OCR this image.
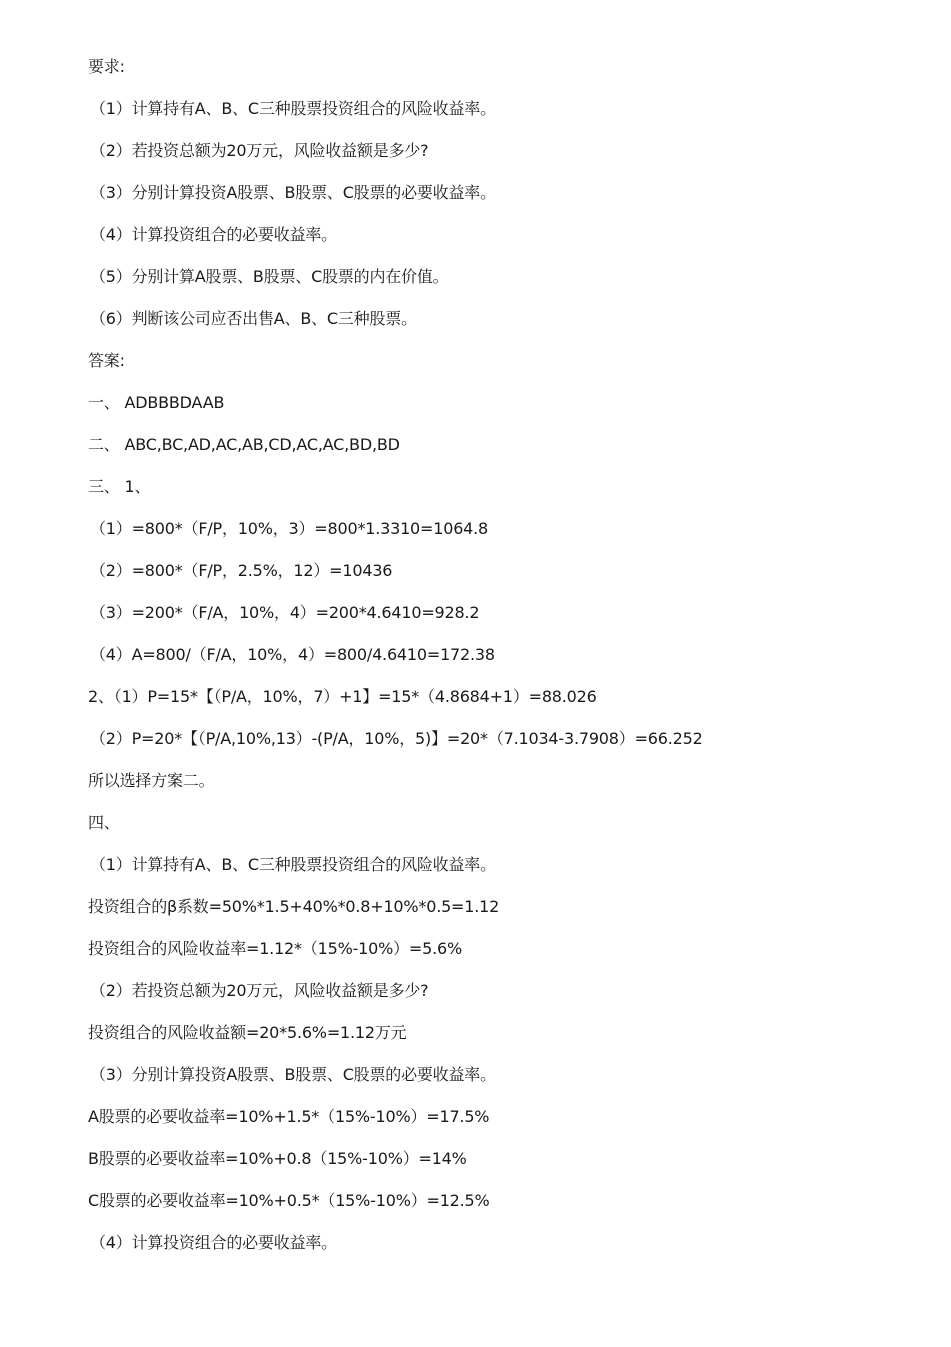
要求:
（1）计算持有A、B、C三种股票投资组合的风险收益率。
（2）若投资总额为20万元，风险收益额是多少?
（3）分别计算投资A股票、B股票、C股票的必要收益率。
（4）计算投资组合的必要收益率。
（5）分别计算A股票、B股票、C股票的内在价值。
（6）判断该公司应否出售A、B、C三种股票。
答案:
一、 ADBBBDAAB
二、 ABC,BC,AD,AC,AB,CD,AC,AC,BD,BD
三、 1、
（1）=800*（F/P，10%，3）=800*1.3310=1064.8
（2）=800*（F/P，2.5%，12）=10436
（3）=200*（F/A，10%，4）=200*4.6410=928.2
（4）A=800/（F/A，10%，4）=800/4.6410=172.38
2、（1）P=15*【（P/A，10%，7）+1】=15*（4.8684+1）=88.026
（2）P=20*【（P/A,10%,13）-(P/A，10%，5)】=20*（7.1034-3.7908）=66.252
所以选择方案二。
四、
（1）计算持有A、B、C三种股票投资组合的风险收益率。
投资组合的β系数=50%*1.5+40%*0.8+10%*0.5=1.12
投资组合的风险收益率=1.12*（15%-10%）=5.6%
（2）若投资总额为20万元，风险收益额是多少?
投资组合的风险收益额=20*5.6%=1.12万元
（3）分别计算投资A股票、B股票、C股票的必要收益率。
A股票的必要收益率=10%+1.5*（15%-10%）=17.5%
B股票的必要收益率=10%+0.8（15%-10%）=14%
C股票的必要收益率=10%+0.5*（15%-10%）=12.5%
（4）计算投资组合的必要收益率。
